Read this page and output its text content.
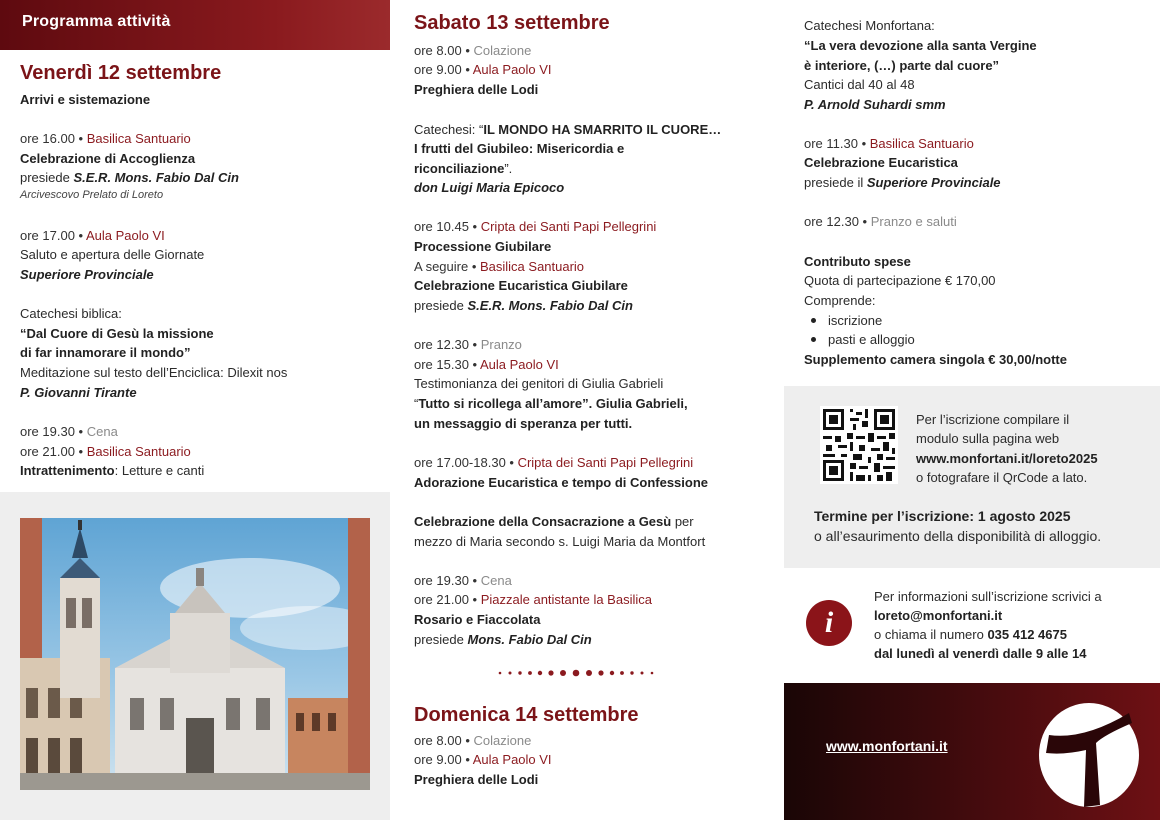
Programma attività
Venerdì 12 settembre
Arrivi e sistemazione
ore 16.00 • Basilica Santuario
Celebrazione di Accoglienza
presiede S.E.R. Mons. Fabio Dal Cin
Arcivescovo Prelato di Loreto
ore 17.00 • Aula Paolo VI
Saluto e apertura delle Giornate
Superiore Provinciale
Catechesi biblica:
“Dal Cuore di Gesù la missione
di far innamorare il mondo”
Meditazione sul testo dell’Enciclica: Dilexit nos
P. Giovanni Tirante
ore 19.30 • Cena
ore 21.00 • Basilica Santuario
Intrattenimento: Letture e canti
Sabato 13 settembre
ore 8.00 • Colazione
ore 9.00 • Aula Paolo VI
Preghiera delle Lodi
Catechesi: “IL MONDO HA SMARRITO IL CUORE…
I frutti del Giubileo: Misericordia e
riconciliazione”.
don Luigi Maria Epicoco
ore 10.45 • Cripta dei Santi Papi Pellegrini
Processione Giubilare
A seguire • Basilica Santuario
Celebrazione Eucaristica Giubilare
presiede S.E.R. Mons. Fabio Dal Cin
ore 12.30 • Pranzo
ore 15.30 • Aula Paolo VI
Testimonianza dei genitori di Giulia Gabrieli
“Tutto si ricollega all’amore”. Giulia Gabrieli,
un messaggio di speranza per tutti.
ore 17.00-18.30 • Cripta dei Santi Papi Pellegrini
Adorazione Eucaristica e tempo di Confessione
Celebrazione della Consacrazione a Gesù per
mezzo di Maria secondo s. Luigi Maria da Montfort
ore 19.30 • Cena
ore 21.00 • Piazzale antistante la Basilica
Rosario e Fiaccolata
presiede Mons. Fabio Dal Cin
Domenica 14 settembre
ore 8.00 • Colazione
ore 9.00 • Aula Paolo VI
Preghiera delle Lodi
Catechesi Monfortana:
“La vera devozione alla santa Vergine
è interiore, (…) parte dal cuore”
Cantici dal 40 al 48
P. Arnold Suhardi smm
ore 11.30 • Basilica Santuario
Celebrazione Eucaristica
presiede il Superiore Provinciale
ore 12.30 • Pranzo e saluti
Contributo spese
Quota di partecipazione € 170,00
Comprende:
iscrizione
pasti e alloggio
Supplemento camera singola € 30,00/notte
Per l’iscrizione compilare il
modulo sulla pagina web
www.monfortani.it/loreto2025
o fotografare il QrCode a lato.
Termine per l’iscrizione: 1 agosto 2025
o all’esaurimento della disponibilità di alloggio.
i
Per informazioni sull’iscrizione scrivici a
loreto@monfortani.it
o chiama il numero 035 412 4675
dal lunedì al venerdì dalle 9 alle 14
www.monfortani.it
